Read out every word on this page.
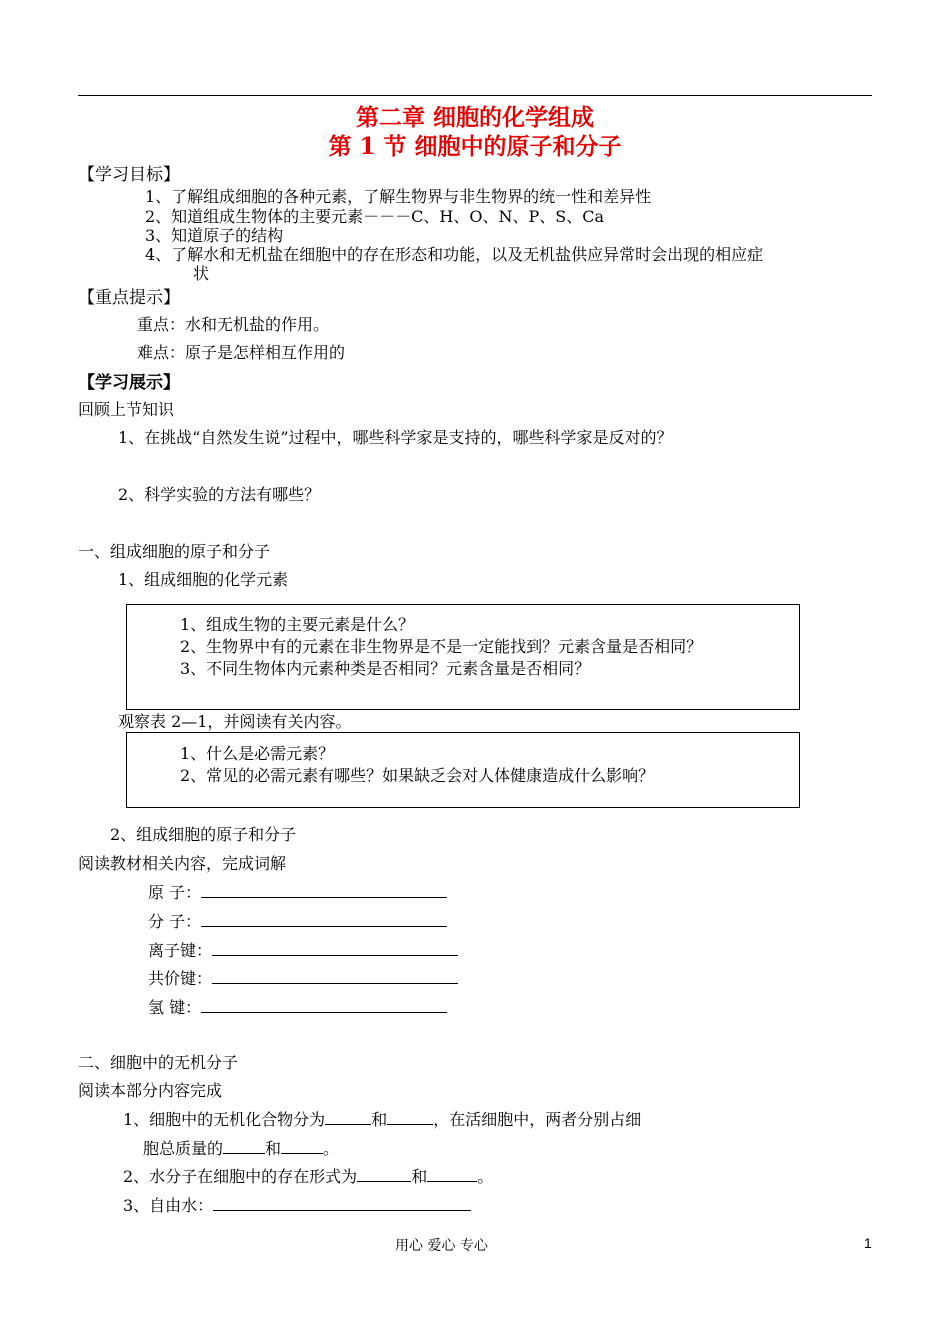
第二章 细胞的化学组成
第 1 节 细胞中的原子和分子
【学习目标】
1、了解组成细胞的各种元素，了解生物界与非生物界的统一性和差异性
2、知道组成生物体的主要元素－－－C、H、O、N、P、S、Ca
3、知道原子的结构
4、了解水和无机盐在细胞中的存在形态和功能，以及无机盐供应异常时会出现的相应症
状
【重点提示】
重点：水和无机盐的作用。
难点：原子是怎样相互作用的
【学习展示】
回顾上节知识
1、在挑战“自然发生说”过程中，哪些科学家是支持的，哪些科学家是反对的？
2、科学实验的方法有哪些？
一、组成细胞的原子和分子
1、组成细胞的化学元素
1、组成生物的主要元素是什么？
2、生物界中有的元素在非生物界是不是一定能找到？元素含量是否相同？
3、不同生物体内元素种类是否相同？元素含量是否相同？
观察表 2—1，并阅读有关内容。
1、什么是必需元素？
2、常见的必需元素有哪些？如果缺乏会对人体健康造成什么影响？
2、组成细胞的原子和分子
阅读教材相关内容，完成词解
原 子：
分 子：
离子键：
共价键：
氢 键：
二、细胞中的无机分子
阅读本部分内容完成
1、细胞中的无机化合物分为	和	，在活细胞中，两者分别占细
胞总质量的	和	。
2、水分子在细胞中的存在形式为	和	。
3、自由水：
用心 爱心 专心	1
